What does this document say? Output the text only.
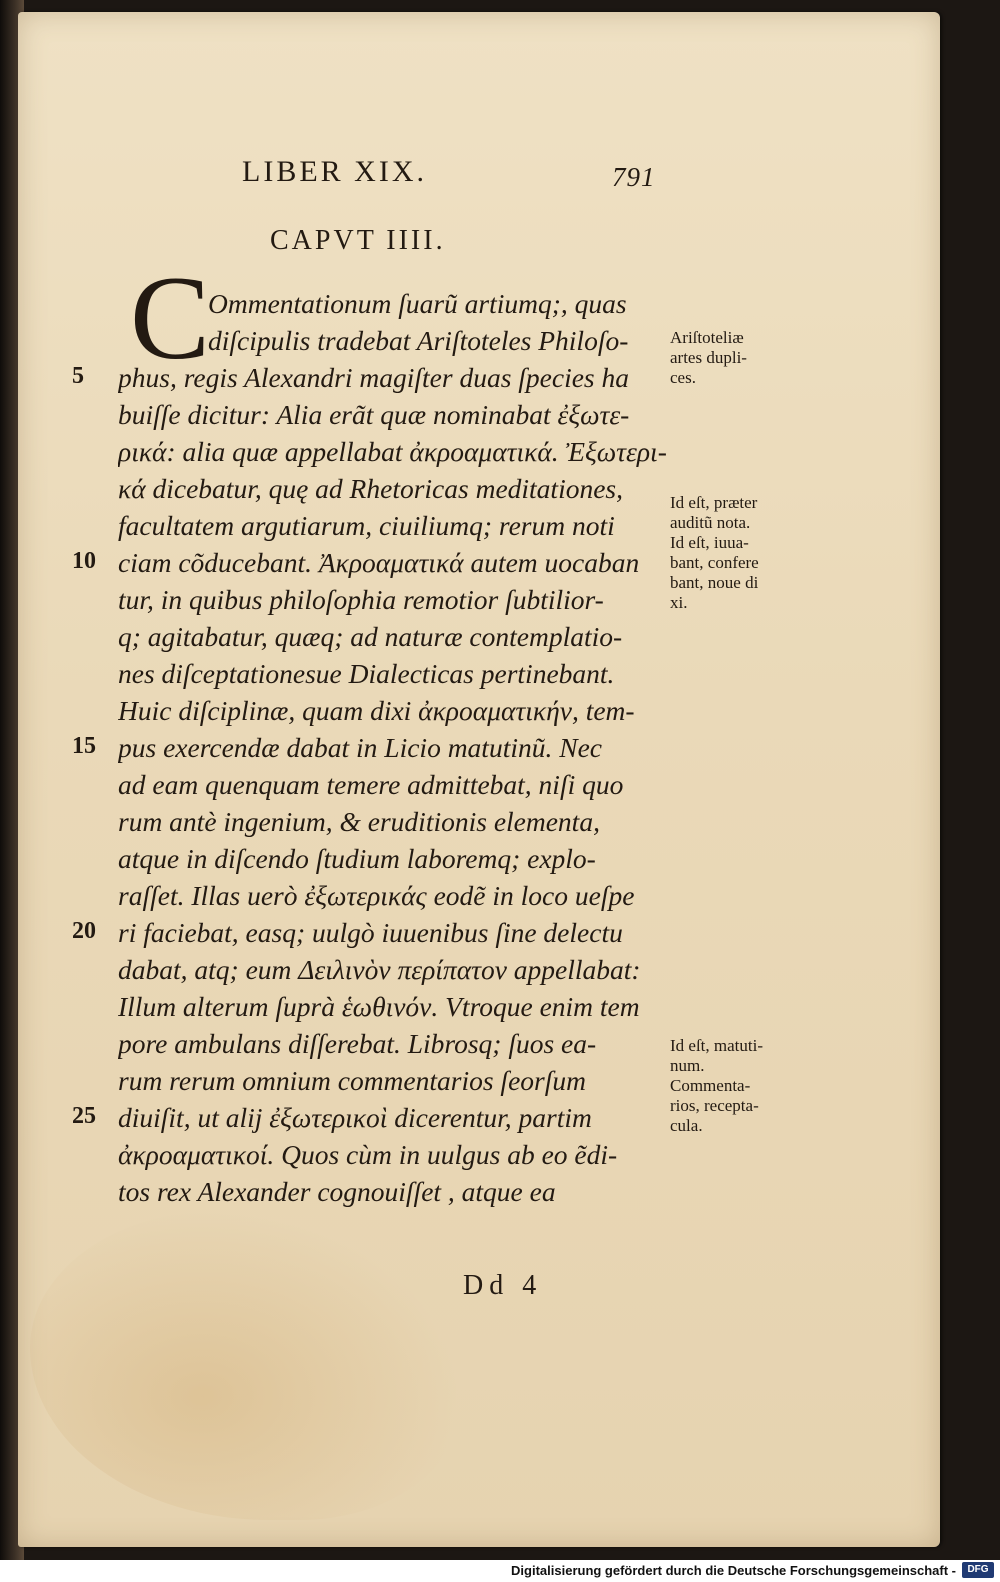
LIBER XIX.	791
CAPVT IIII.
C
Ommentationum ſuarũ artiumq;, quas
diſcipulis tradebat Ariſtoteles Philoſo-
phus, regis Alexandri magiſter duas ſpecies ha
buiſſe dicitur: Alia erãt quæ nominabat ἐξωτε-
ρικά: alia quæ appellabat ἀκροαματικά. Ἐξωτερι-
κά dicebatur, quę ad Rhetoricas meditationes,
facultatem argutiarum, ciuiliumq; rerum noti
ciam cõducebant. Ἀκροαματικά autem uocaban
tur, in quibus philoſophia remotior ſubtilior-
q; agitabatur, quæq; ad naturæ contemplatio-
nes diſceptationesue Dialecticas pertinebant.
Huic diſciplinæ, quam dixi ἀκροαματικήν, tem-
pus exercendæ dabat in Licio matutinũ. Nec
ad eam quenquam temere admittebat, niſi quo
rum antè ingenium, & eruditionis elementa,
atque in diſcendo ſtudium laboremq; explo-
raſſet. Illas uerò ἐξωτερικάς eodẽ in loco ueſpe
ri faciebat, easq; uulgò iuuenibus ſine delectu
dabat, atq; eum Δειλινὸν περίπατον appellabat:
Illum alterum ſuprà ἑωθινόν. Vtroque enim tem
pore ambulans diſſerebat. Librosq; ſuos ea-
rum rerum omnium commentarios ſeorſum
diuiſit, ut alij ἐξωτερικοὶ dicerentur, partim
ἀκροαματικοί. Quos cùm in uulgus ab eo ẽdi-
tos rex Alexander cognouiſſet , atque ea
5
10
15
20
25
Ariſtoteliæ
artes dupli-
ces.
Id eſt, præter
auditũ nota.
Id eſt, iuua-
bant, confere
bant, noue di
xi.
Id eſt, matuti-
num.
Commenta-
rios, recepta-
cula.
Dd 4
Digitalisierung gefördert durch die Deutsche Forschungsgemeinschaft -	DFG
